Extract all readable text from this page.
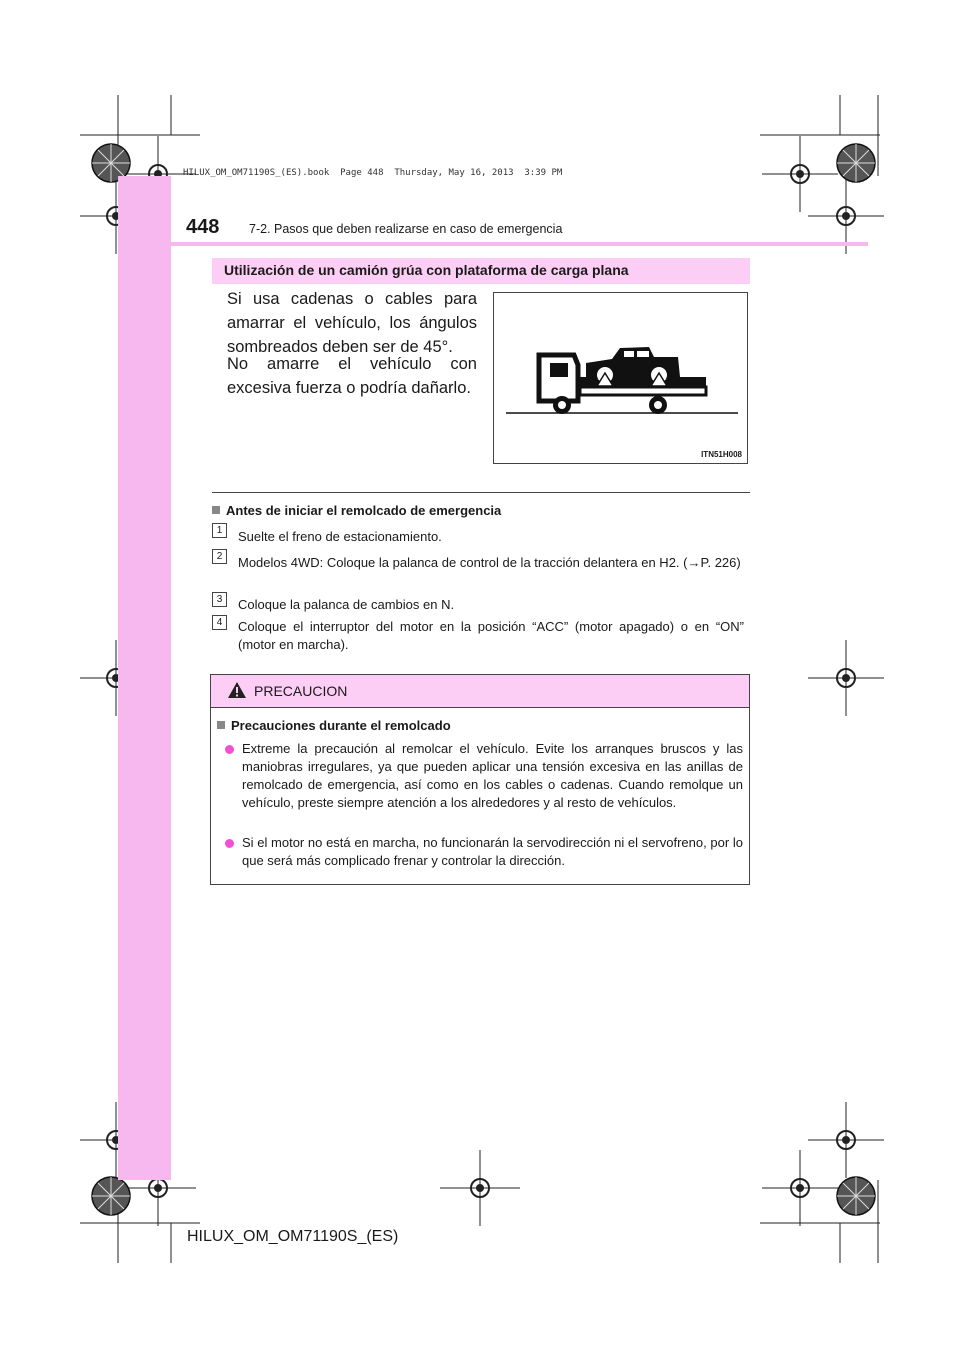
HILUX_OM_OM71190S_(ES).book  Page 448  Thursday, May 16, 2013  3:39 PM
448 7-2. Pasos que deben realizarse en caso de emergencia
Utilización de un camión grúa con plataforma de carga plana
Si usa cadenas o cables para amarrar el vehículo, los ángulos sombreados deben ser de 45°.
No amarre el vehículo con excesiva fuerza o podría dañarlo.
ITN51H008
Antes de iniciar el remolcado de emergencia
1	Suelte el freno de estacionamiento.
2	Modelos 4WD: Coloque la palanca de control de la tracción delantera en H2. (→P. 226)
3	Coloque la palanca de cambios en N.
4	Coloque el interruptor del motor en la posición “ACC” (motor apagado) o en “ON” (motor en marcha).
PRECAUCION
Precauciones durante el remolcado
Extreme la precaución al remolcar el vehículo. Evite los arranques bruscos y las maniobras irregulares, ya que pueden aplicar una tensión excesiva en las anillas de remolcado de emergencia, así como en los cables o cadenas. Cuando remolque un vehículo, preste siempre atención a los alrededores y al resto de vehículos.
Si el motor no está en marcha, no funcionarán la servodirección ni el servofreno, por lo que será más complicado frenar y controlar la dirección.
HILUX_OM_OM71190S_(ES)
